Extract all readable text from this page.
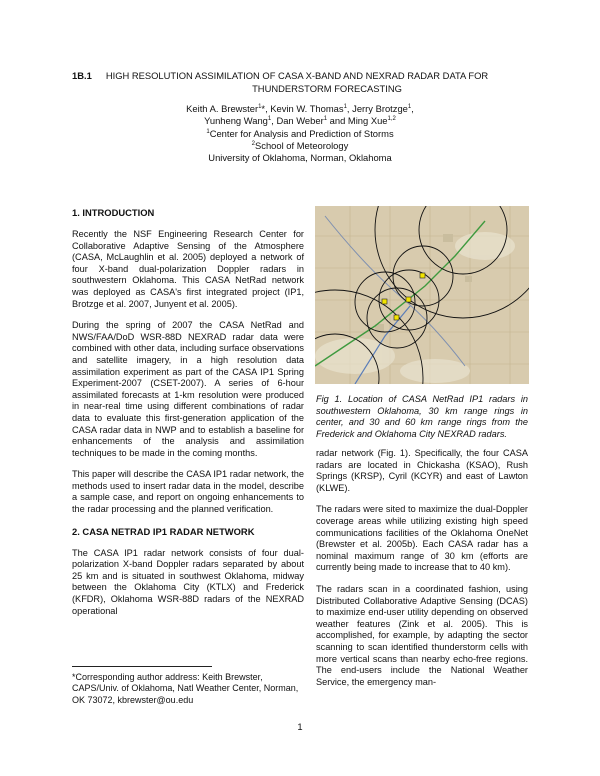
1B.1 HIGH RESOLUTION ASSIMILATION OF CASA X-BAND AND NEXRAD RADAR DATA FOR
THUNDERSTORM FORECASTING
Keith A. Brewster$^1$*, Kevin W. Thomas$^1$, Jerry Brotzge$^1$,
Yunheng Wang$^1$, Dan Weber$^1$ and Ming Xue$^{1,2}$
$^1$Center for Analysis and Prediction of Storms
$^2$School of Meteorology
University of Oklahoma, Norman, Oklahoma
1. INTRODUCTION

Recently the NSF Engineering Research Center for Collaborative Adaptive Sensing of the Atmosphere (CASA, McLaughlin et al. 2005) deployed a network of four X-band dual-polarization Doppler radars in southwestern Oklahoma. This CASA NetRad network was deployed as CASA's first integrated project (IP1, Brotzge et al. 2007, Junyent et al. 2005).

During the spring of 2007 the CASA NetRad and NWS/FAA/DoD WSR-88D NEXRAD radar data were combined with other data, including surface observations and satellite imagery, in a high resolution data assimilation experiment as part of the CASA IP1 Spring Experiment-2007 (CSET-2007). A series of 6-hour assimilated forecasts at 1-km resolution were produced in near-real time using different combinations of radar data to evaluate this first-generation application of the CASA radar data in NWP and to establish a baseline for enhancements of the analysis and assimilation techniques to be made in the coming months.

This paper will describe the CASA IP1 radar network, the methods used to insert radar data in the model, describe a sample case, and report on ongoing enhancements to the radar processing and the planned verification.

2. CASA NETRAD IP1 RADAR NETWORK

The CASA IP1 radar network consists of four dual-polarization X-band Doppler radars separated by about 25 km and is situated in southwest Oklahoma, midway between the Oklahoma City (KTLX) and Frederick (KFDR), Oklahoma WSR-88D radars of the NEXRAD operational

*Corresponding author address: Keith Brewster, CAPS/Univ. of Oklahoma, Natl Weather Center, Norman, OK 73072, kbrewster@ou.edu
Fig 1. Location of CASA NetRad IP1 radars in southwestern Oklahoma, 30 km range rings in center, and 30 and 60 km range rings from the Frederick and Oklahoma City NEXRAD radars.

radar network (Fig. 1). Specifically, the four CASA radars are located in Chickasha (KSAO), Rush Springs (KRSP), Cyril (KCYR) and east of Lawton (KLWE).

The radars were sited to maximize the dual-Doppler coverage areas while utilizing existing high speed communications facilities of the Oklahoma OneNet (Brewster et al. 2005b). Each CASA radar has a nominal maximum range of 30 km (efforts are currently being made to increase that to 40 km).

The radars scan in a coordinated fashion, using Distributed Collaborative Adaptive Sensing (DCAS) to maximize end-user utility depending on observed weather features (Zink et al. 2005). This is accomplished, for example, by adapting the sector scanning to scan identified thunderstorm cells with more vertical scans than nearby echo-free regions. The end-users include the National Weather Service, the emergency man-

1
